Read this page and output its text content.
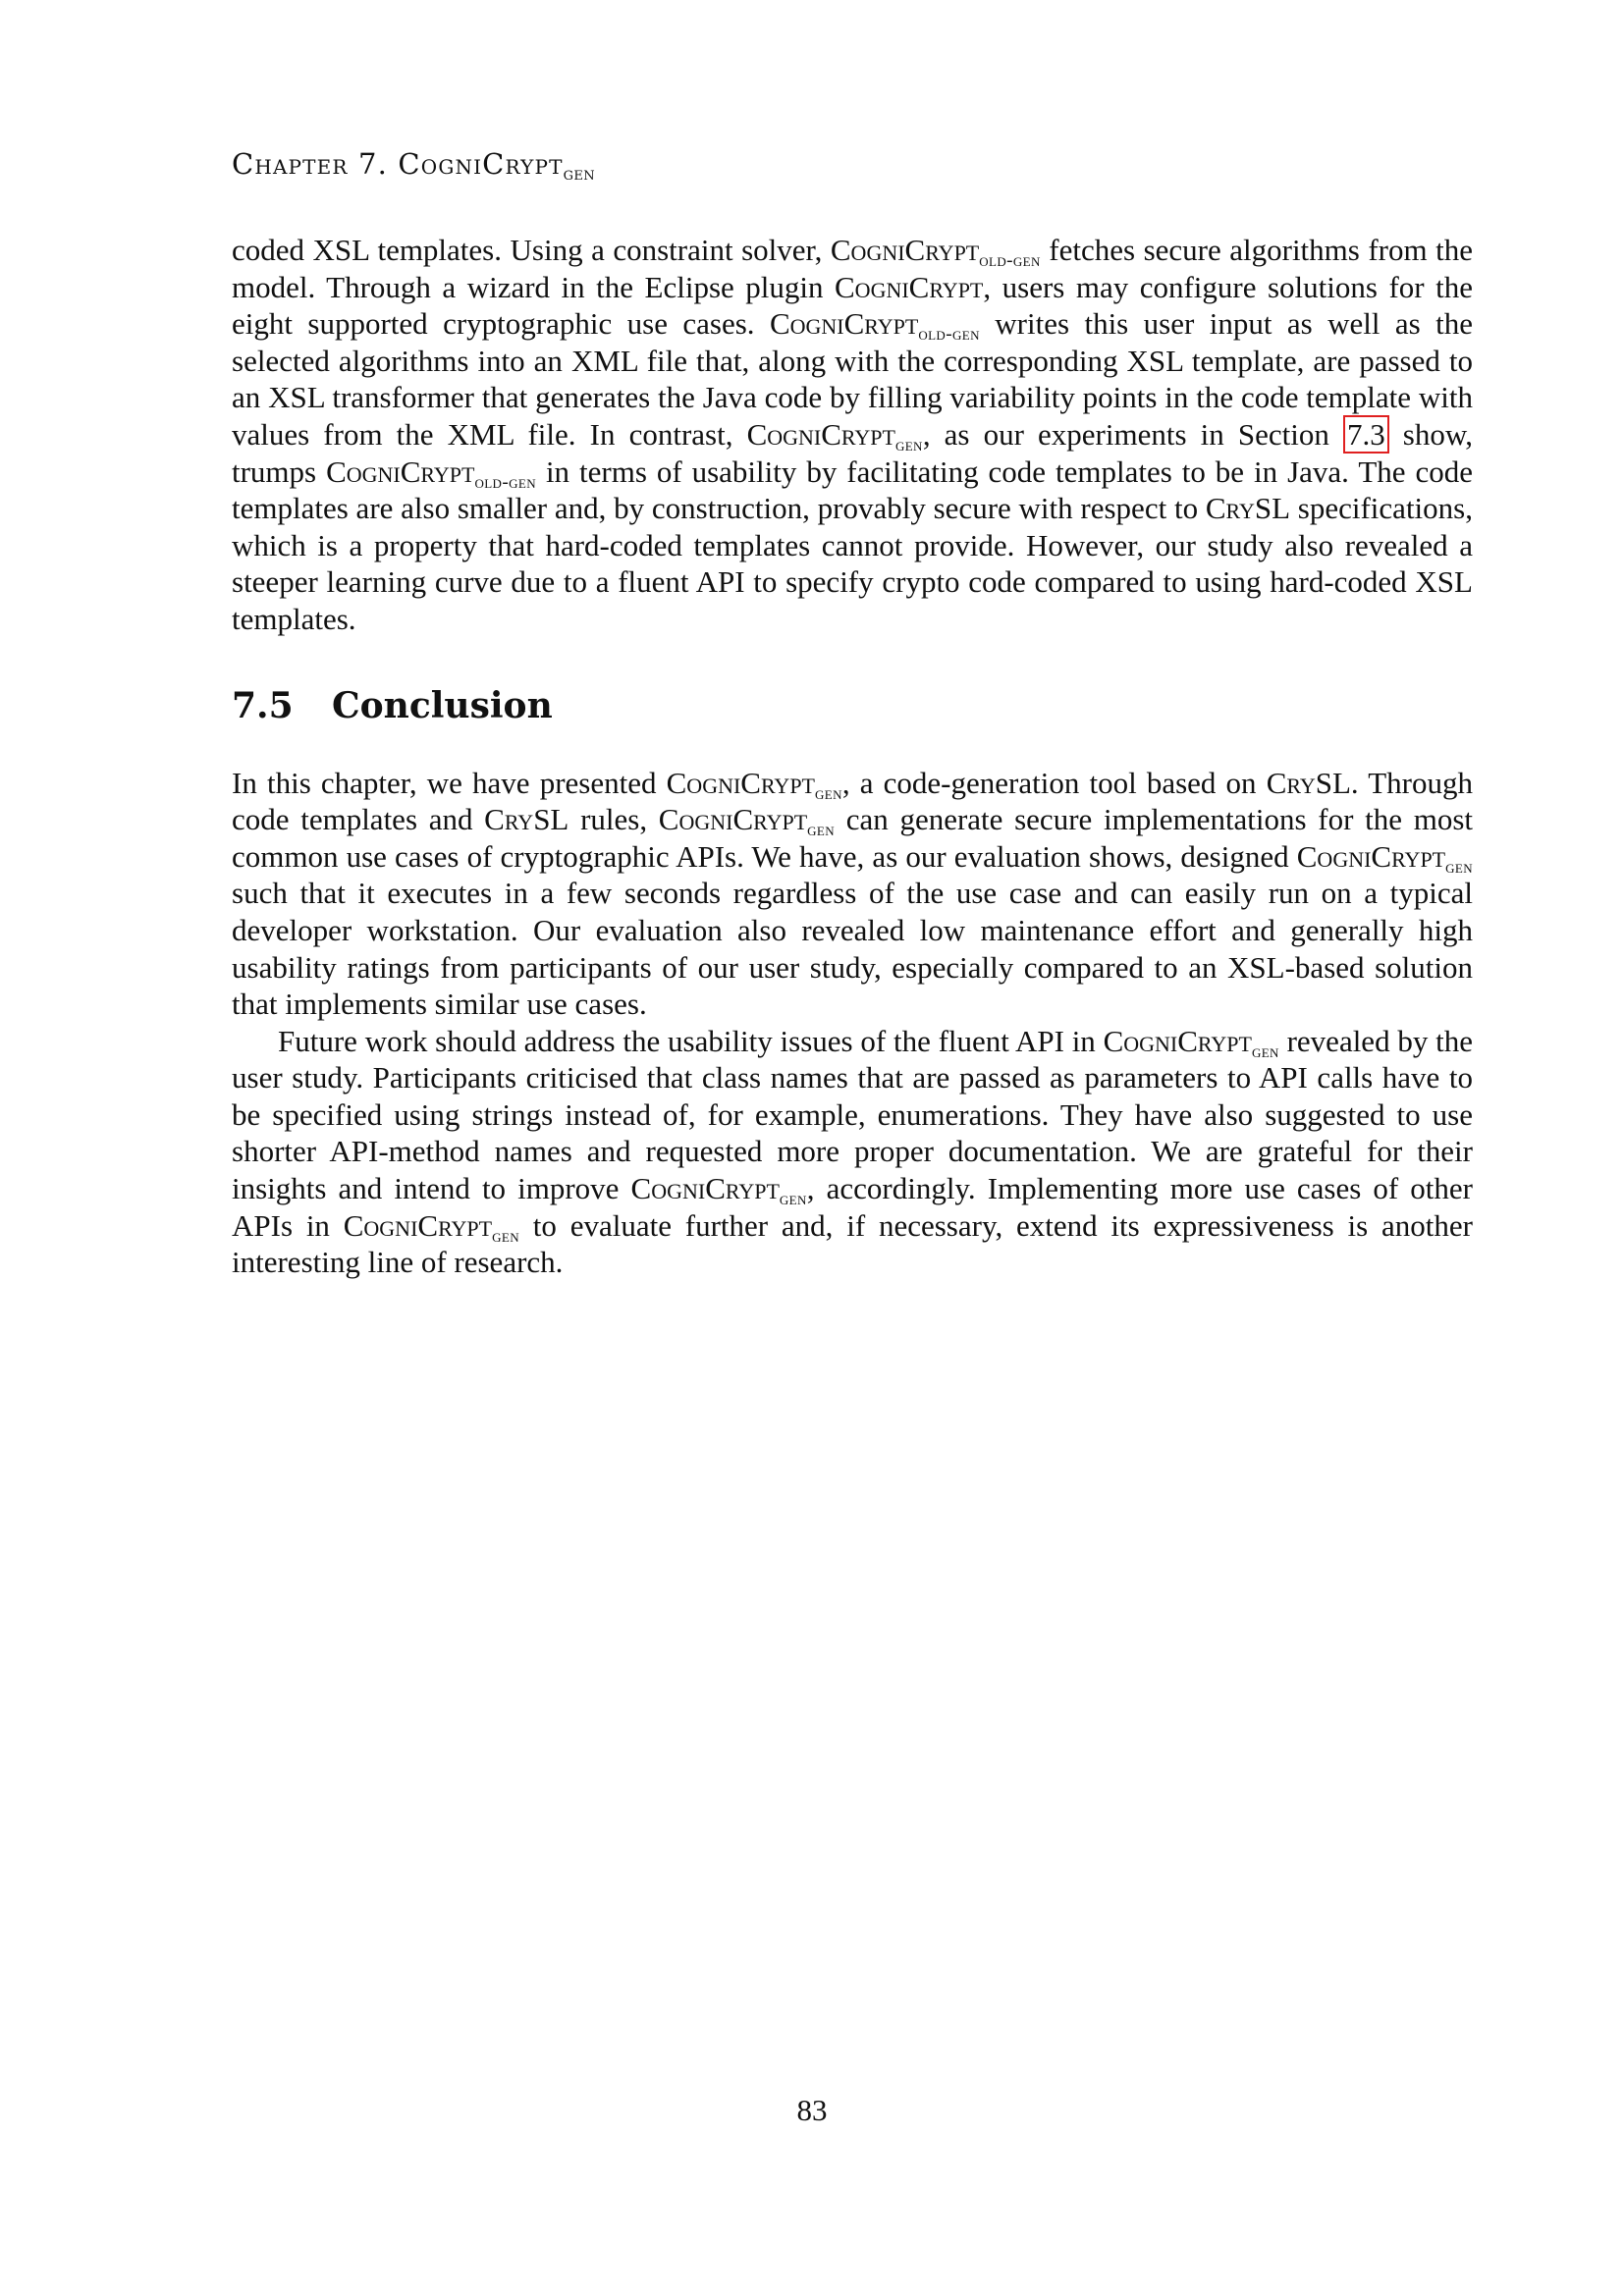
Chapter 7. CogniCryptgen

coded XSL templates. Using a constraint solver, CogniCryptold-gen fetches secure algorithms from the model. Through a wizard in the Eclipse plugin CogniCrypt, users may configure solutions for the eight supported cryptographic use cases. CogniCryptold-gen writes this user input as well as the selected algorithms into an XML file that, along with the corresponding XSL template, are passed to an XSL transformer that generates the Java code by filling variability points in the code template with values from the XML file. In contrast, CogniCryptgen, as our experiments in Section 7.3 show, trumps CogniCryptold-gen in terms of usability by facilitating code templates to be in Java. The code templates are also smaller and, by construction, provably secure with respect to CrySL specifications, which is a property that hard-coded templates cannot provide. However, our study also revealed a steeper learning curve due to a fluent API to specify crypto code compared to using hard-coded XSL templates.

7.5 Conclusion

In this chapter, we have presented CogniCryptgen, a code-generation tool based on CrySL. Through code templates and CrySL rules, CogniCryptgen can generate secure implementations for the most common use cases of cryptographic APIs. We have, as our evaluation shows, designed CogniCryptgen such that it executes in a few seconds regardless of the use case and can easily run on a typical developer workstation. Our evaluation also revealed low maintenance effort and generally high usability ratings from participants of our user study, especially compared to an XSL-based solution that implements similar use cases.

Future work should address the usability issues of the fluent API in CogniCryptgen revealed by the user study. Participants criticised that class names that are passed as parameters to API calls have to be specified using strings instead of, for example, enumerations. They have also suggested to use shorter API-method names and requested more proper documentation. We are grateful for their insights and intend to improve CogniCryptgen, accordingly. Implementing more use cases of other APIs in CogniCryptgen to evaluate further and, if necessary, extend its expressiveness is another interesting line of research.

83
